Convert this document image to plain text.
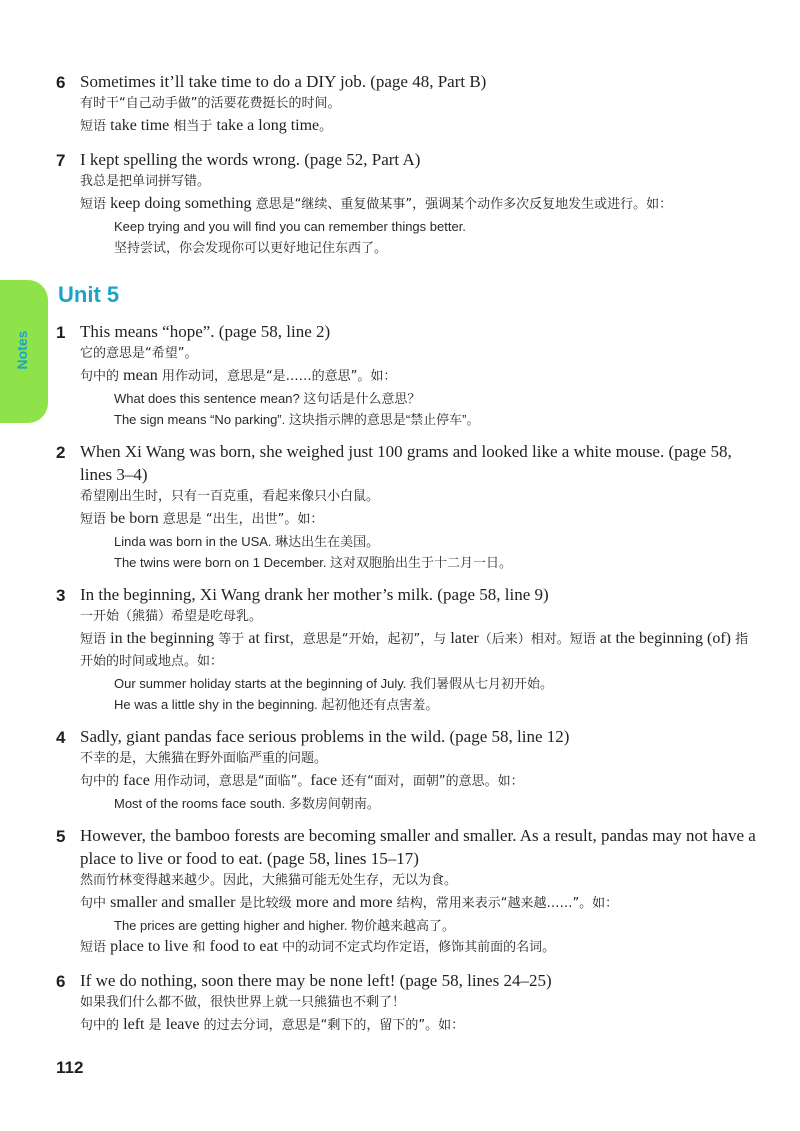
Notes
6 Sometimes it’ll take time to do a DIY job. (page 48, Part B)
有时干“自己动手做”的活要花费挺长的时间。
短语 take time 相当于 take a long time。
7 I kept spelling the words wrong. (page 52, Part A)
我总是把单词拼写错。
短语 keep doing something 意思是“继续、重复做某事”，强调某个动作多次反复地发生或进行。如：
Keep trying and you will find you can remember things better.
坚持尝试，你会发现你可以更好地记住东西了。
Unit 5
1 This means “hope”. (page 58, line 2)
它的意思是“希望”。
句中的 mean 用作动词，意思是“是……的意思”。如：
What does this sentence mean? 这句话是什么意思？
The sign means “No parking”. 这块指示牌的意思是“禁止停车”。
2 When Xi Wang was born, she weighed just 100 grams and looked like a white mouse. (page 58, lines 3–4)
希望刚出生时，只有一百克重，看起来像只小白鼠。
短语 be born 意思是 “出生，出世”。如：
Linda was born in the USA. 琳达出生在美国。
The twins were born on 1 December. 这对双胞胎出生于十二月一日。
3 In the beginning, Xi Wang drank her mother’s milk. (page 58, line 9)
一开始（熊猫）希望是吃母乳。
短语 in the beginning 等于 at first，意思是“开始，起初”，与 later（后来）相对。短语 at the beginning (of) 指开始的时间或地点。如：
Our summer holiday starts at the beginning of July. 我们暑假从七月初开始。
He was a little shy in the beginning. 起初他还有点害羞。
4 Sadly, giant pandas face serious problems in the wild. (page 58, line 12)
不幸的是，大熊猫在野外面临严重的问题。
句中的 face 用作动词，意思是“面临”。face 还有“面对，面朝”的意思。如：
Most of the rooms face south. 多数房间朝南。
5 However, the bamboo forests are becoming smaller and smaller. As a result, pandas may not have a place to live or food to eat. (page 58, lines 15–17)
然而竹林变得越来越少。因此，大熊猫可能无处生存，无以为食。
句中 smaller and smaller 是比较级 more and more 结构，常用来表示“越来越……”。如：
The prices are getting higher and higher. 物价越来越高了。
短语 place to live 和 food to eat 中的动词不定式均作定语，修饰其前面的名词。
6 If we do nothing, soon there may be none left! (page 58, lines 24–25)
如果我们什么都不做，很快世界上就一只熊猫也不剩了！
句中的 left 是 leave 的过去分词，意思是“剩下的，留下的”。如：
112
